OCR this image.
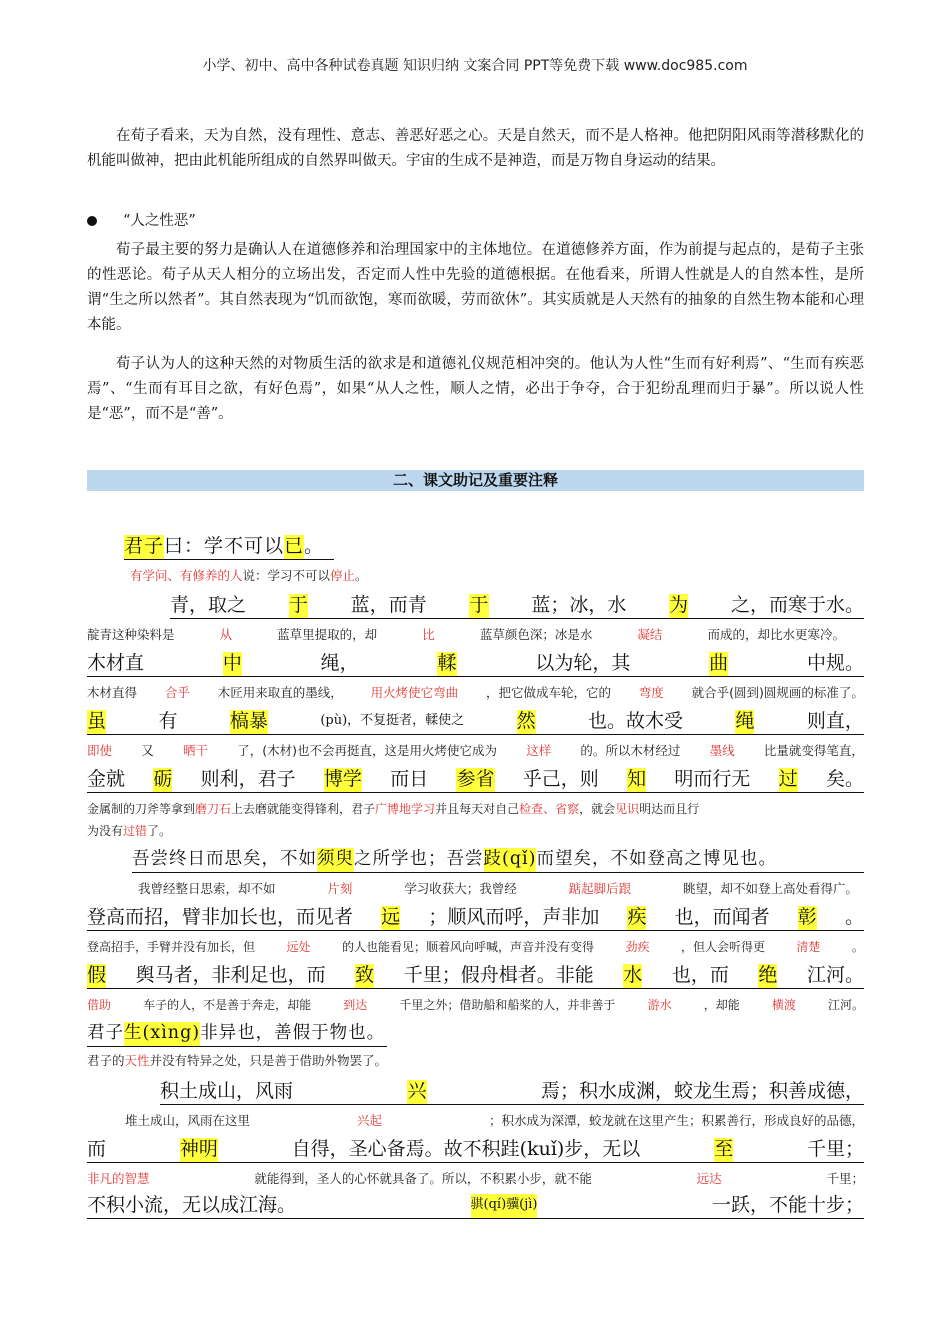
小学、初中、高中各种试卷真题 知识归纳 文案合同 PPT等免费下载 www.doc985.com

在荀子看来，天为自然，没有理性、意志、善恶好恶之心。天是自然天，而不是人格神。他把阴阳风雨等潜移默化的机能叫做神，把由此机能所组成的自然界叫做天。宇宙的生成不是神造，而是万物自身运动的结果。

“人之性恶”

荀子最主要的努力是确认人在道德修养和治理国家中的主体地位。在道德修养方面，作为前提与起点的，是荀子主张的性恶论。荀子从天人相分的立场出发，否定而人性中先验的道德根据。在他看来，所谓人性就是人的自然本性，是所谓“生之所以然者”。其自然表现为“饥而欲饱，寒而欲暖，劳而欲休”。其实质就是人天然有的抽象的自然生物本能和心理本能。

荀子认为人的这种天然的对物质生活的欲求是和道德礼仪规范相冲突的。他认为人性“生而有好利焉”、“生而有疾恶焉”、“生而有耳目之欲，有好色焉”，如果“从人之性，顺人之情，必出于争夺，合于犯纷乱理而归于暴”。所以说人性是“恶”，而不是“善”。

二、课文助记及重要注释
君子 曰：学不可以 已 。
有学问、有修养的人 说：学习不可以 停止 。
青，取之 于 蓝，而青 于 蓝；冰，水 为 之，而寒于水。
靛青这种染料是	从	蓝草里提取的，却	比	蓝草颜色深；冰是水	凝结	而成的，却比水更寒冷。
木材直	中	绳，	輮	以为轮，其	曲	中规。
木材直得 合乎 木匠用来取直的墨线， 用火烤使它弯曲 ，把它做成车轮，它的 弯度 就合乎(圆到)圆规画的标准了。
虽	有	槁暴	(pù)，不复挺者，輮使之	然	也。故木受	绳	则直，
即使 又 晒干 了，(木材)也不会再挺直，这是用火烤使它成为 这样 的。所以木材经过 墨线 比量就变得笔直，
金就 砺 则利，君子 博学 而日 参省 乎己，则 知 明而行无 过 矣。
金属制的刀斧等拿到 磨刀石 上去磨就能变得锋利，君子 广博地学习 并且每天对自己 检查、省察 ，就会 见识 明达而且行
为没有 过错 了。
吾尝终日而思矣，不如 须臾 之所学也；吾尝 跂(qǐ) 而望矣，不如登高之博见也。
我曾经整日思索，却不如	片刻	学习收获大；我曾经	踮起脚后跟	眺望，却不如登上高处看得广。
登高而招，臂非加长也，而见者 远 ；顺风而呼，声非加 疾 也，而闻者 彰 。
登高招手，手臂并没有加长，但	远处	的人也能看见；顺着风向呼喊，声音并没有变得	劲疾	，但人会听得更	清楚	。
假 舆马者，非利足也，而 致 千里；假舟楫者。非能 水 也，而 绝 江河。
借助	车子的人，不是善于奔走，却能	到达	千里之外；借助船和船桨的人，并非善于	游水	，却能	横渡	江河。
君子 生(xìng) 非异也，善假于物也。
君子的 天性 并没有特异之处，只是善于借助外物罢了。
积土成山，风雨	兴	焉；积水成渊，蛟龙生焉；积善成德，
堆土成山，风雨在这里	兴起	；积水成为深潭，蛟龙就在这里产生；积累善行，形成良好的品德，
而	神明	自得，圣心备焉。故不积跬(kuǐ)步，无以	至	千里；
非凡的智慧	就能得到，圣人的心怀就具备了。所以，不积累小步，就不能	远达	千里；
不积小流，无以成江海。	骐(qí)骥(jì)	一跃，不能十步；
